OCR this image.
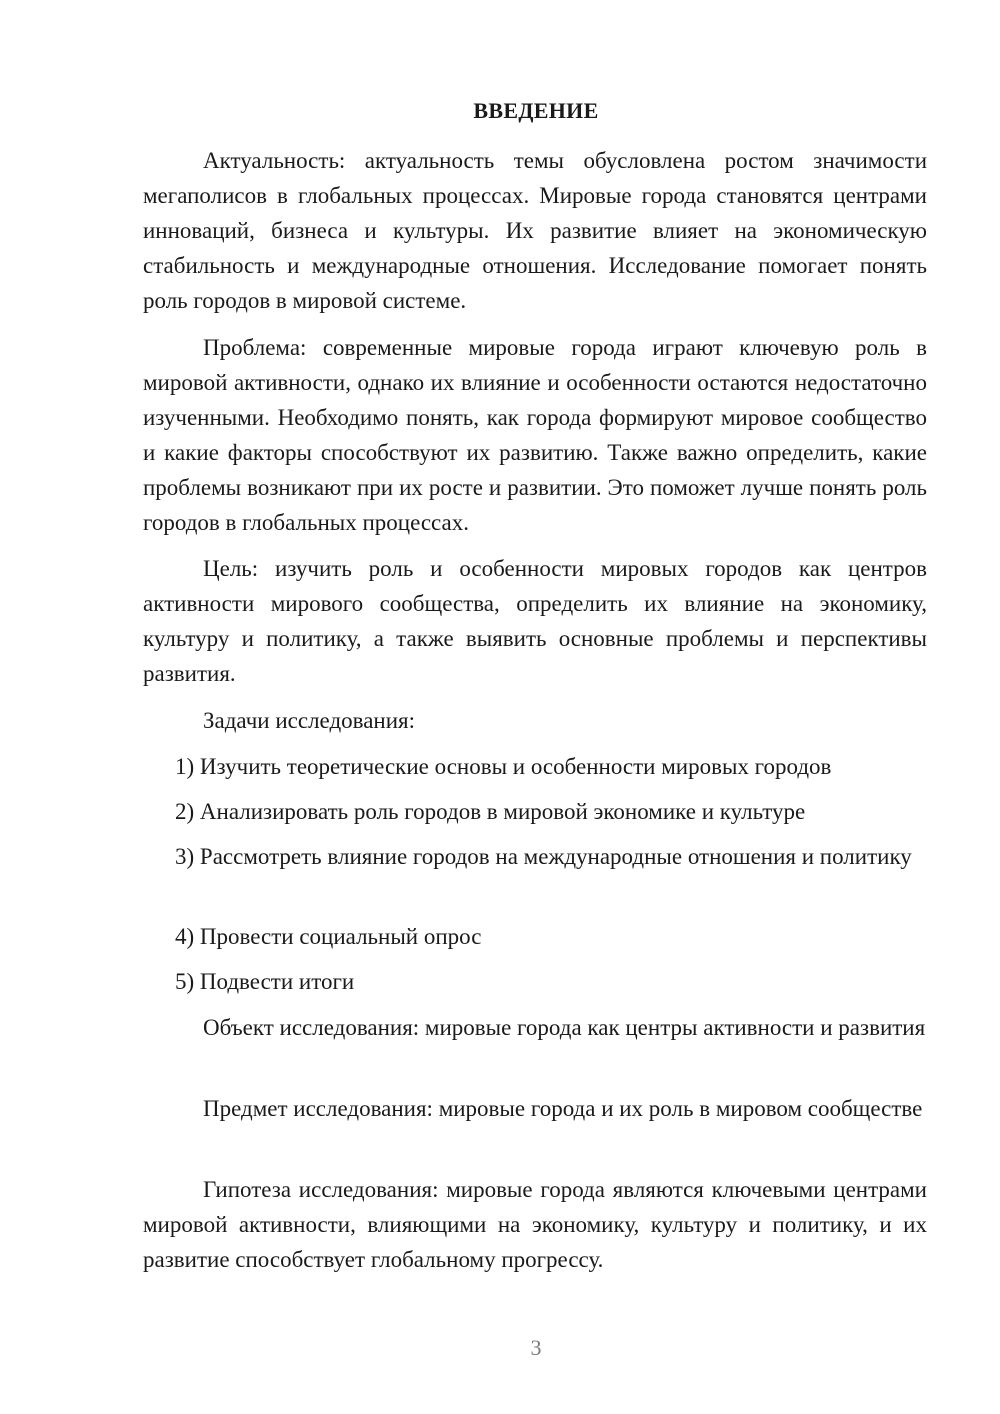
ВВЕДЕНИЕ

Актуальность: актуальность темы обусловлена ростом значимости мегаполисов в глобальных процессах. Мировые города становятся центрами инноваций, бизнеса и культуры. Их развитие влияет на экономическую стабильность и международные отношения. Исследование помогает понять роль городов в мировой системе.

Проблема: современные мировые города играют ключевую роль в мировой активности, однако их влияние и особенности остаются недостаточно изученными. Необходимо понять, как города формируют мировое сообщество и какие факторы способствуют их развитию. Также важно определить, какие проблемы возникают при их росте и развитии. Это поможет лучше понять роль городов в глобальных процессах.

Цель: изучить роль и особенности мировых городов как центров активности мирового сообщества, определить их влияние на экономику, культуру и политику, а также выявить основные проблемы и перспективы развития.

Задачи исследования:

1) Изучить теоретические основы и особенности мировых городов

2) Анализировать роль городов в мировой экономике и культуре

3) Рассмотреть влияние городов на международные отношения и политику

4) Провести социальный опрос

5) Подвести итоги

Объект исследования: мировые города как центры активности и развития

Предмет исследования: мировые города и их роль в мировом сообществе

Гипотеза исследования: мировые города являются ключевыми центрами мировой активности, влияющими на экономику, культуру и политику, и их развитие способствует глобальному прогрессу.

3
